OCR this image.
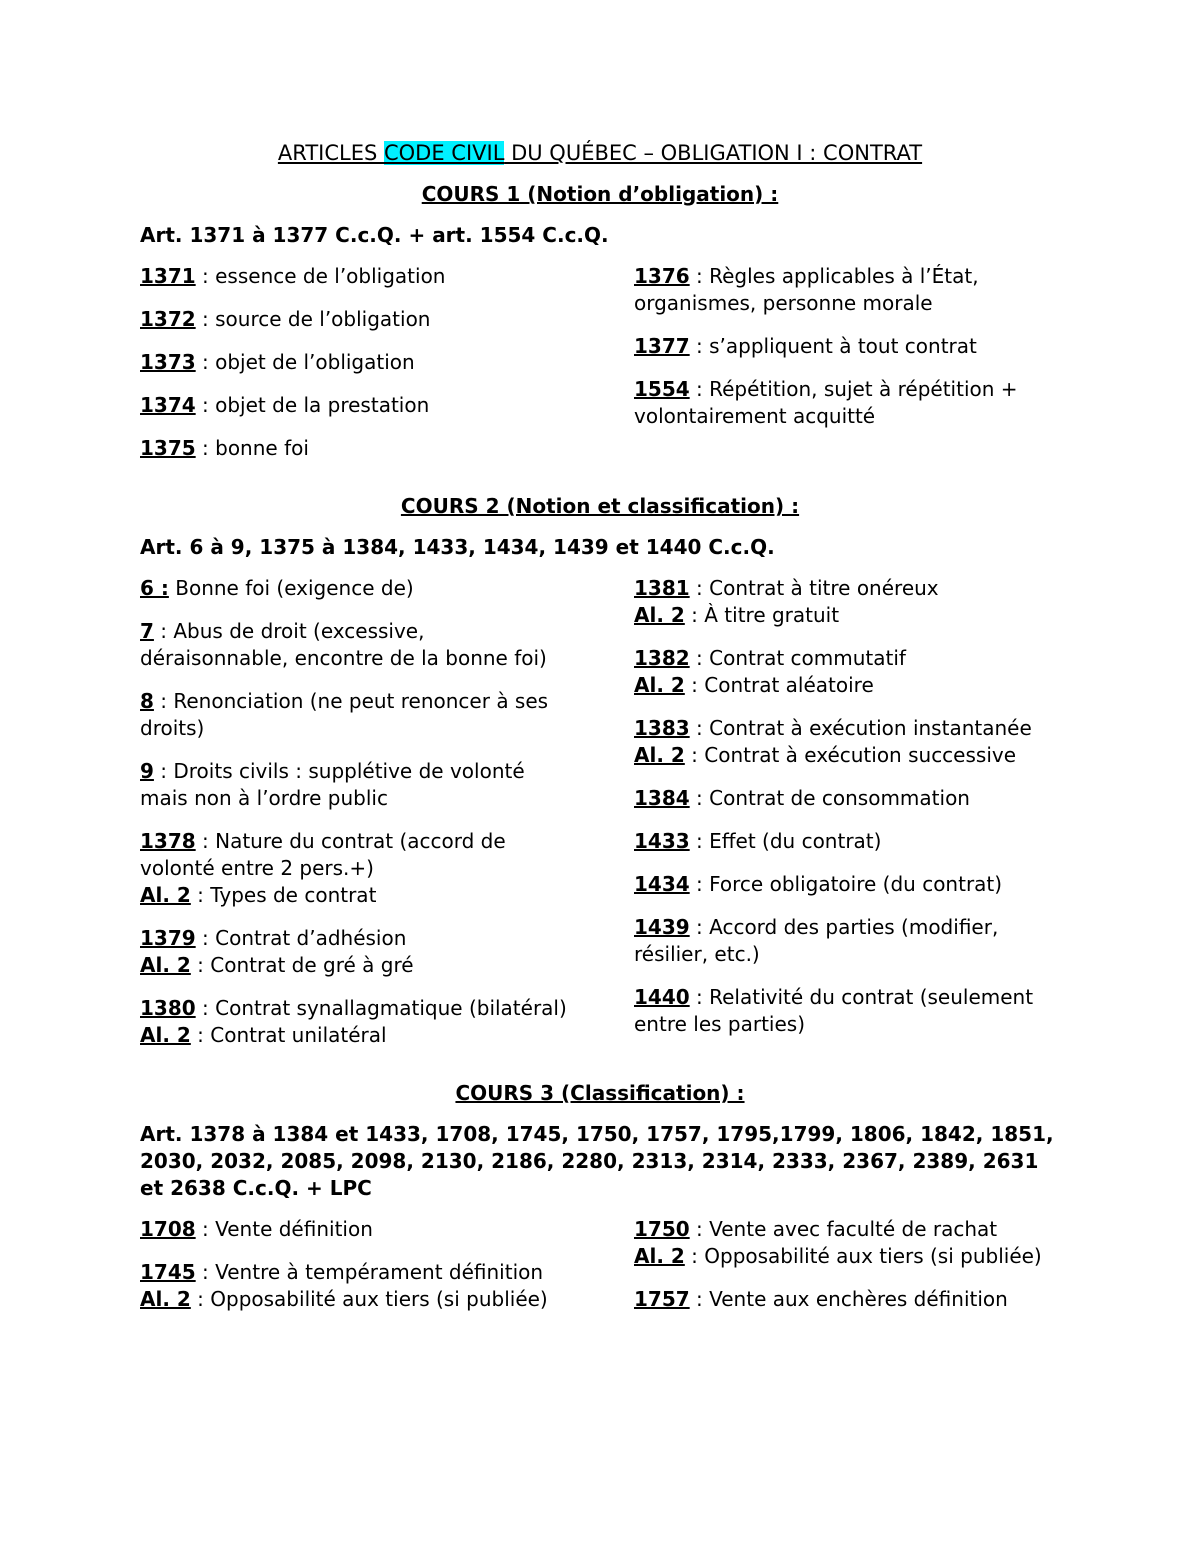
ARTICLES CODE CIVIL DU QUÉBEC – OBLIGATION I : CONTRAT
COURS 1 (Notion d’obligation) :
Art. 1371 à 1377 C.c.Q. + art. 1554 C.c.Q.
1371 : essence de l’obligation
1372 : source de l’obligation
1373 : objet de l’obligation
1374 : objet de la prestation
1375 : bonne foi
1376 : Règles applicables à l’État, organismes, personne morale
1377 : s’appliquent à tout contrat
1554 : Répétition, sujet à répétition + volontairement acquitté
COURS 2 (Notion et classification) :
Art. 6 à 9, 1375 à 1384, 1433, 1434, 1439 et 1440 C.c.Q.
6 : Bonne foi (exigence de)
7 : Abus de droit (excessive, déraisonnable, encontre de la bonne foi)
8 : Renonciation (ne peut renoncer à ses droits)
9 : Droits civils : supplétive de volonté mais non à l’ordre public
1378 : Nature du contrat (accord de volonté entre 2 pers.+)
Al. 2 : Types de contrat
1379 : Contrat d’adhésion
Al. 2 : Contrat de gré à gré
1380 : Contrat synallagmatique (bilatéral)
Al. 2 : Contrat unilatéral
1381 : Contrat à titre onéreux
Al. 2 : À titre gratuit
1382 : Contrat commutatif
Al. 2 : Contrat aléatoire
1383 : Contrat à exécution instantanée
Al. 2 : Contrat à exécution successive
1384 : Contrat de consommation
1433 : Effet (du contrat)
1434 : Force obligatoire (du contrat)
1439 : Accord des parties (modifier, résilier, etc.)
1440 : Relativité du contrat (seulement entre les parties)
COURS 3 (Classification) :
Art. 1378 à 1384 et 1433, 1708, 1745, 1750, 1757, 1795,1799, 1806, 1842, 1851, 2030, 2032, 2085, 2098, 2130, 2186, 2280, 2313, 2314, 2333, 2367, 2389, 2631 et 2638 C.c.Q. + LPC
1708 : Vente définition
1745 : Ventre à tempérament définition
Al. 2 : Opposabilité aux tiers (si publiée)
1750 : Vente avec faculté de rachat
Al. 2 : Opposabilité aux tiers (si publiée)
1757 : Vente aux enchères définition
